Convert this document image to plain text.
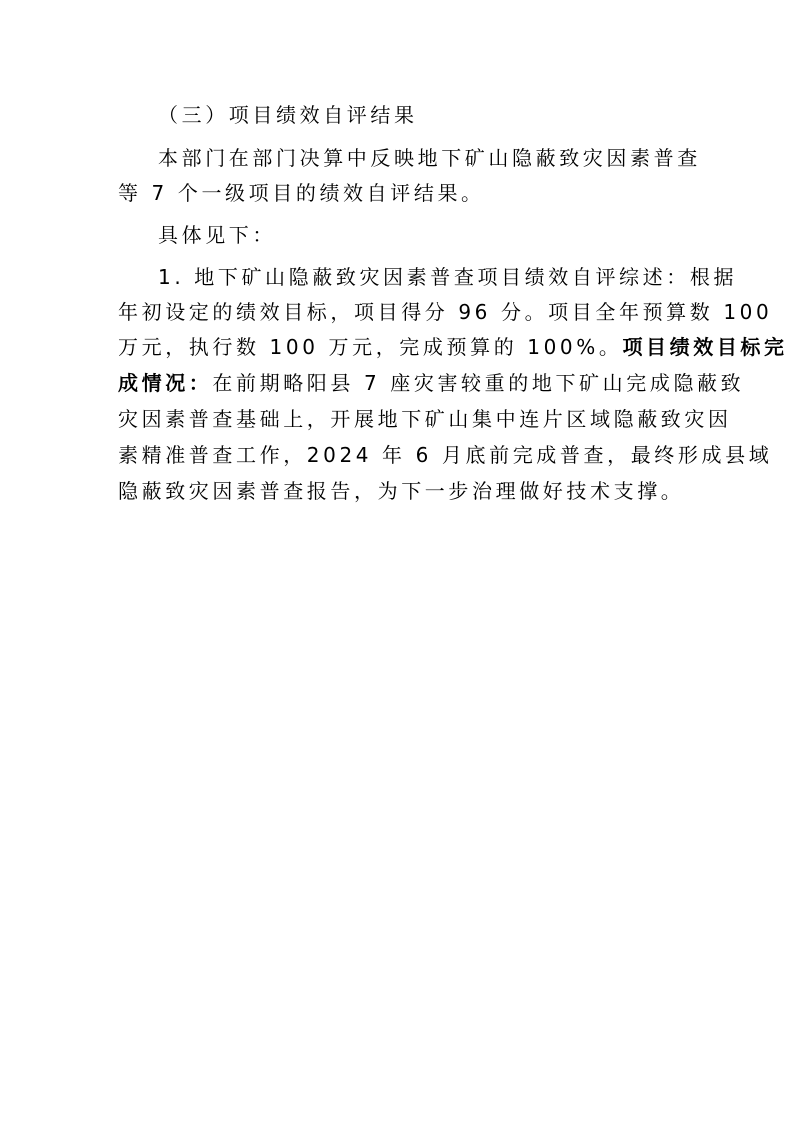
（三）项目绩效自评结果
本部门在部门决算中反映地下矿山隐蔽致灾因素普查
等 7 个一级项目的绩效自评结果。
具体见下：
1. 地下矿山隐蔽致灾因素普查项目绩效自评综述：根据
年初设定的绩效目标，项目得分 96 分。项目全年预算数 100
万元，执行数 100 万元，完成预算的 100%。项目绩效目标完
成情况：在前期略阳县 7 座灾害较重的地下矿山完成隐蔽致
灾因素普查基础上，开展地下矿山集中连片区域隐蔽致灾因
素精准普查工作，2024 年 6 月底前完成普查，最终形成县域
隐蔽致灾因素普查报告，为下一步治理做好技术支撑。
